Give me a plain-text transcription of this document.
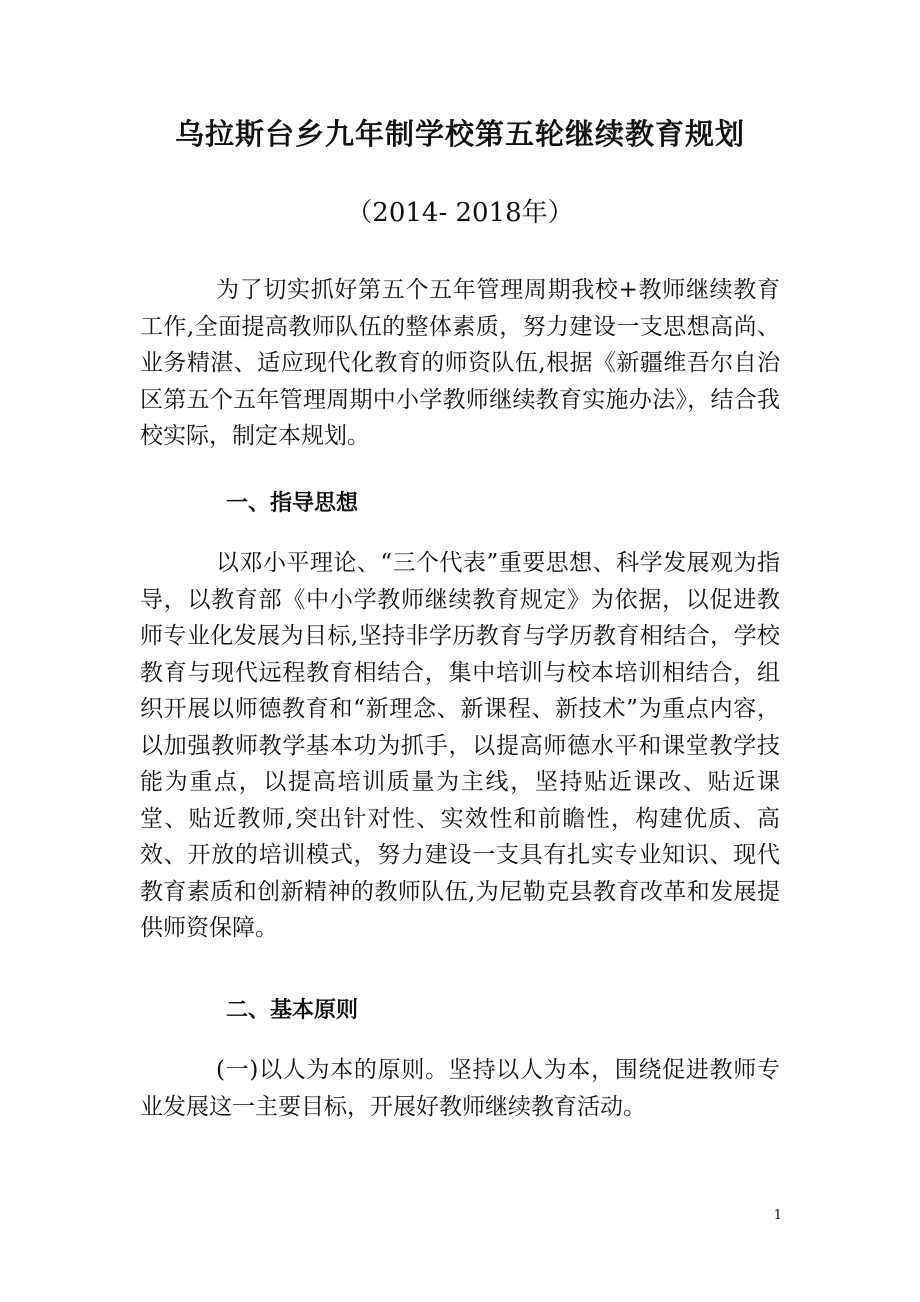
乌拉斯台乡九年制学校第五轮继续教育规划
（2014- 2018年）

为了切实抓好第五个五年管理周期我校+教师继续教育工作,全面提高教师队伍的整体素质，努力建设一支思想高尚、业务精湛、适应现代化教育的师资队伍,根据《新疆维吾尔自治区第五个五年管理周期中小学教师继续教育实施办法》，结合我校实际，制定本规划。

一、指导思想

以邓小平理论、“三个代表”重要思想、科学发展观为指导，以教育部《中小学教师继续教育规定》为依据，以促进教师专业化发展为目标,坚持非学历教育与学历教育相结合，学校教育与现代远程教育相结合，集中培训与校本培训相结合，组织开展以师德教育和“新理念、新课程、新技术”为重点内容，以加强教师教学基本功为抓手，以提高师德水平和课堂教学技能为重点，以提高培训质量为主线，坚持贴近课改、贴近课堂、贴近教师,突出针对性、实效性和前瞻性，构建优质、高效、开放的培训模式，努力建设一支具有扎实专业知识、现代教育素质和创新精神的教师队伍,为尼勒克县教育改革和发展提供师资保障。

二、基本原则

(一)以人为本的原则。坚持以人为本，围绕促进教师专业发展这一主要目标，开展好教师继续教育活动。

1
